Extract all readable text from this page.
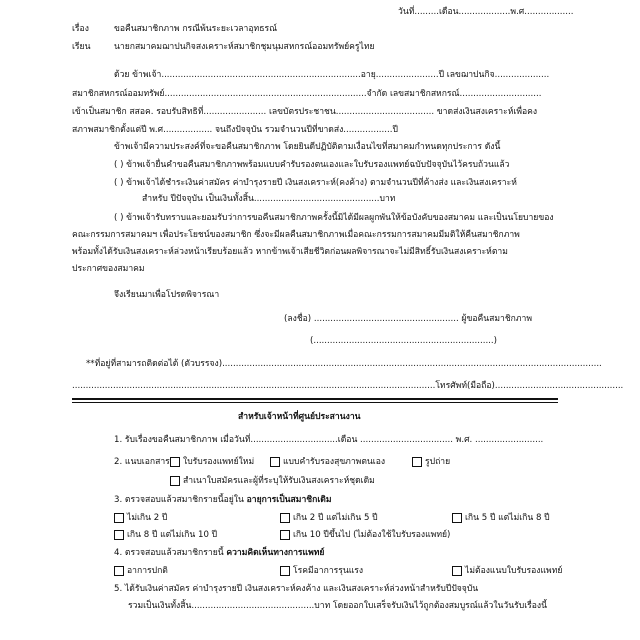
วันที่.........เดือน...................พ.ศ..................
เรื่อง	ขอคืนสมาชิกภาพ กรณีพ้นระยะเวลาอุทธรณ์
เรียน	นายกสมาคมฌาปนกิจสงเคราะห์สมาชิกชุมนุมสหกรณ์ออมทรัพย์ครูไทย
ด้วย ข้าพเจ้า.........................................................................อายุ.......................ปี เลขฌาปนกิจ....................
สมาชิกสหกรณ์ออมทรัพย์..........................................................................จำกัด เลขสมาชิกสหกรณ์..............................
เข้าเป็นสมาชิก สสอค. รอบรับสิทธิที่....................... เลขบัตรประชาชน.................................... ขาดส่งเงินสงเคราะห์เพื่อคง
สภาพสมาชิกตั้งแต่ปี พ.ศ.................. จนถึงปัจจุบัน รวมจำนวนปีที่ขาดส่ง..................ปี
ข้าพเจ้ามีความประสงค์ที่จะขอคืนสมาชิกภาพ โดยยินดีปฏิบัติตามเงื่อนไขที่สมาคมกำหนดทุกประการ ดังนี้
( ) ข้าพเจ้ายื่นคำขอคืนสมาชิกภาพพร้อมแบบคำรับรองตนเองและใบรับรองแพทย์ฉบับปัจจุบันไว้ครบถ้วนแล้ว
( ) ข้าพเจ้าได้ชำระเงินค่าสมัคร ค่าบำรุงรายปี เงินสงเคราะห์(คงค้าง) ตามจำนวนปีที่ค้างส่ง และเงินสงเคราะห์
สำหรับ ปีปัจจุบัน เป็นเงินทั้งสิ้น..............................................บาท
( ) ข้าพเจ้ารับทราบและยอมรับว่าการขอคืนสมาชิกภาพครั้งนี้มิได้มีผลผูกพันให้ข้อบังคับของสมาคม และเป็นนโยบายของ
คณะกรรมการสมาคมฯ เพื่อประโยชน์ของสมาชิก ซึ่งจะมีผลคืนสมาชิกภาพเมื่อคณะกรรมการสมาคมมีมติให้คืนสมาชิกภาพ
พร้อมทั้งได้รับเงินสงเคราะห์ล่วงหน้าเรียบร้อยแล้ว หากข้าพเจ้าเสียชีวิตก่อนผลพิจารณาจะไม่มีสิทธิ์รับเงินสงเคราะห์ตาม
ประกาศของสมาคม
จึงเรียนมาเพื่อโปรดพิจารณา
(ลงชื่อ) ..................................................... ผู้ขอคืนสมาชิกภาพ
(..................................................................)
**ที่อยู่ที่สามารถติดต่อได้ (ตัวบรรจง)...........................................................................................................................................
.....................................................................................................................................โทรศัพท์(มือถือ)...............................................
สำหรับเจ้าหน้าที่ศูนย์ประสานงาน
1. รับเรื่องขอคืนสมาชิกภาพ เมื่อวันที่................................เดือน .................................. พ.ศ. .........................
2. แนบเอกสาร ใบรับรองแพทย์ใหม่	แบบคำรับรองสุขภาพตนเอง	รูปถ่าย
สำเนาใบสมัครและผู้ที่ระบุให้รับเงินสงเคราะห์ชุดเดิม
3. ตรวจสอบแล้วสมาชิกรายนี้อยู่ใน อายุการเป็นสมาชิกเดิม
ไม่เกิน 2 ปี	เกิน 2 ปี แต่ไม่เกิน 5 ปี	เกิน 5 ปี แต่ไม่เกิน 8 ปี
เกิน 8 ปี แต่ไม่เกิน 10 ปี	เกิน 10 ปีขึ้นไป (ไม่ต้องใช้ใบรับรองแพทย์)
4. ตรวจสอบแล้วสมาชิกรายนี้ ความคิดเห็นทางการแพทย์
อาการปกติ	โรคมีอาการรุนแรง	ไม่ต้องแนบใบรับรองแพทย์
5. ได้รับเงินค่าสมัคร ค่าบำรุงรายปี เงินสงเคราะห์คงค้าง และเงินสงเคราะห์ล่วงหน้าสำหรับปีปัจจุบัน
รวมเป็นเงินทั้งสิ้น.............................................บาท โดยออกใบเสร็จรับเงินไว้ถูกต้องสมบูรณ์แล้วในวันรับเรื่องนี้
